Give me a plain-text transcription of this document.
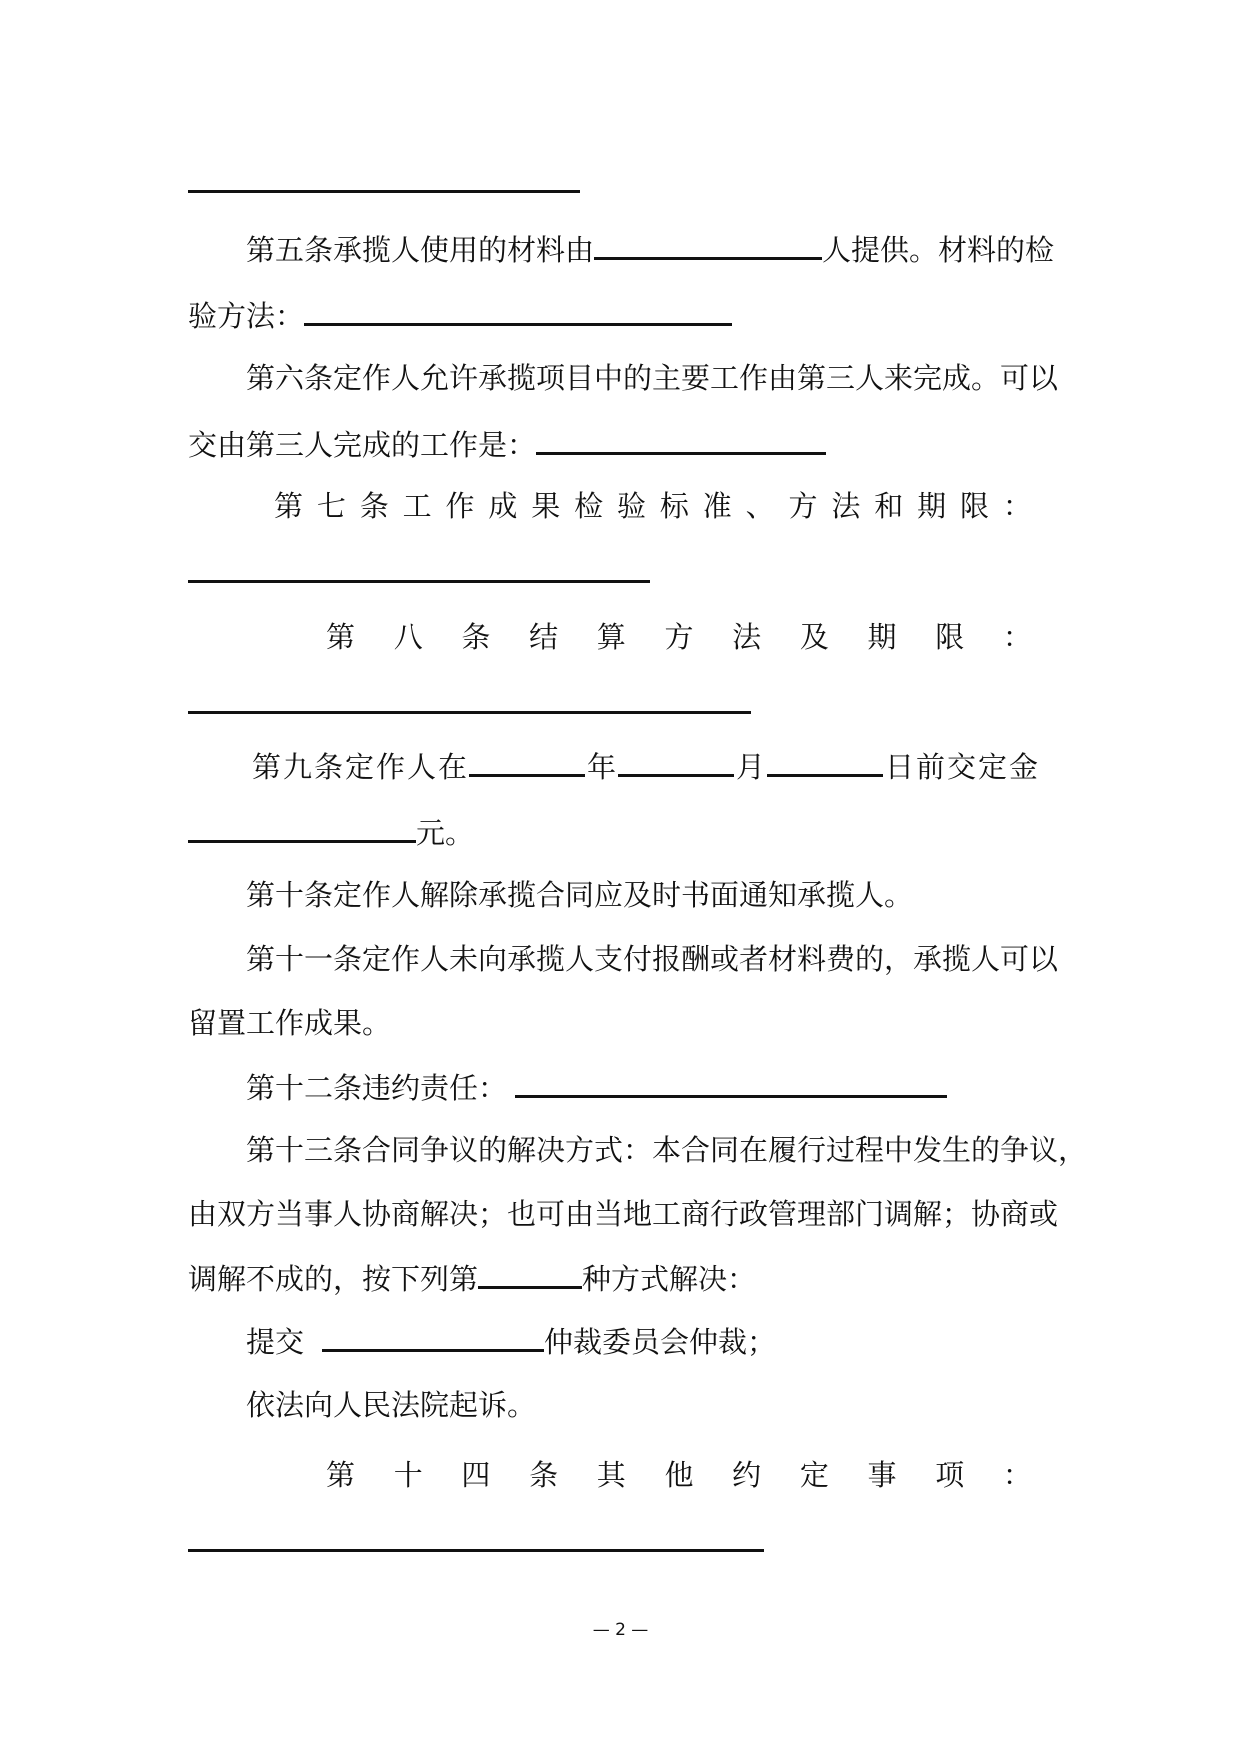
第五条承揽人使用的材料由	人提供。材料的检
验方法：
第六条定作人允许承揽项目中的主要工作由第三人来完成。可以
交由第三人完成的工作是：
第 七 条 工 作 成 果 检 验 标 准 、 方 法 和 期 限 ：
第 八 条 结 算 方 法 及 期 限 ：
第九条定作人在	年	月	日前交定金
元。
第十条定作人解除承揽合同应及时书面通知承揽人。
第十一条定作人未向承揽人支付报酬或者材料费的，承揽人可以
留置工作成果。
第十二条违约责任：
第十三条合同争议的解决方式：本合同在履行过程中发生的争议，
由双方当事人协商解决；也可由当地工商行政管理部门调解；协商或
调解不成的，按下列第	种方式解决：
提交	仲裁委员会仲裁；
依法向人民法院起诉。
第 十 四 条 其 他 约 定 事 项 ：
— 2 —
